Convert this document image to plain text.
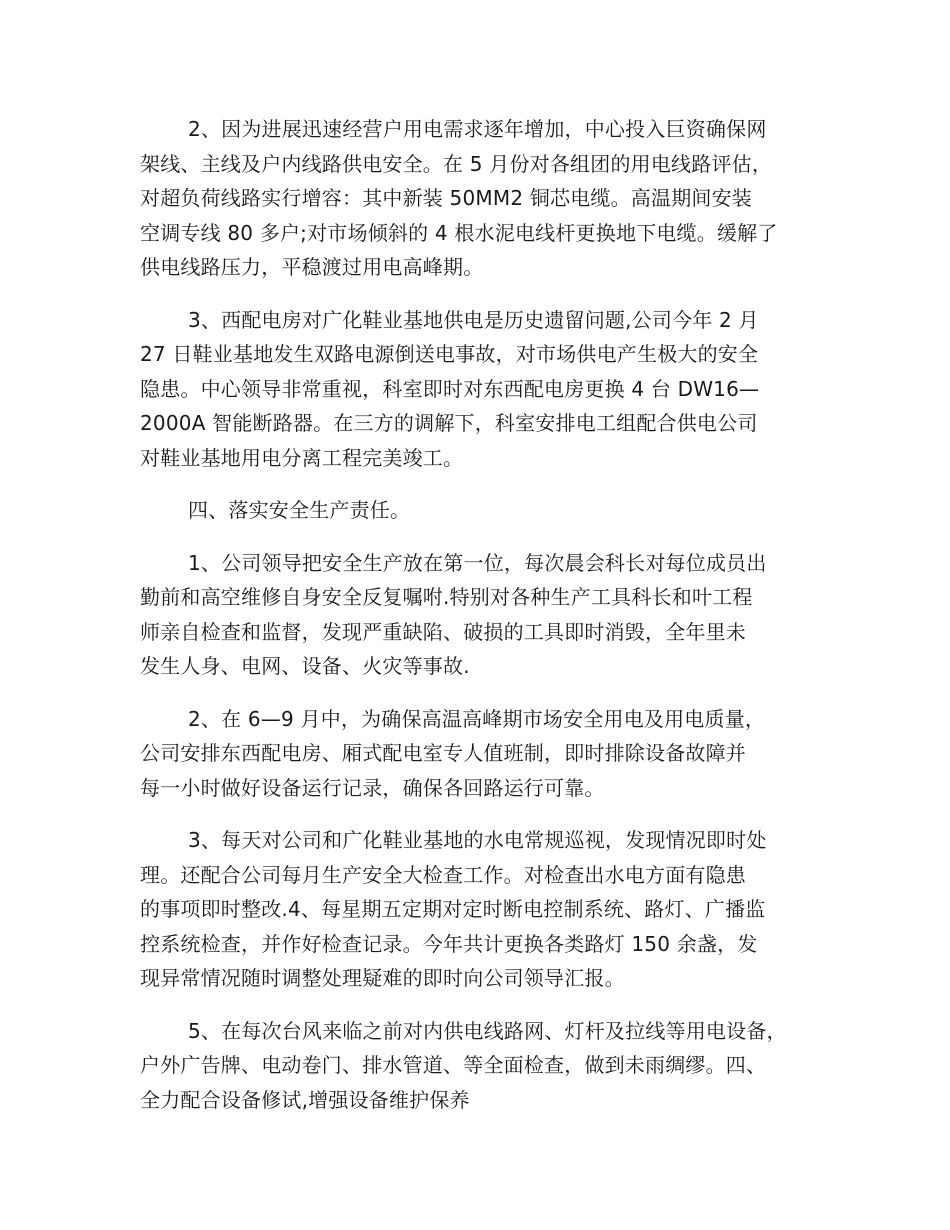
2、因为进展迅速经营户用电需求逐年增加，中心投入巨资确保网
架线、主线及户内线路供电安全。在 5 月份对各组团的用电线路评估，
对超负荷线路实行增容：其中新装 50MM2 铜芯电缆。高温期间安装
空调专线 80 多户;对市场倾斜的 4 根水泥电线杆更换地下电缆。缓解了
供电线路压力，平稳渡过用电高峰期。
3、西配电房对广化鞋业基地供电是历史遗留问题,公司今年 2 月
27 日鞋业基地发生双路电源倒送电事故，对市场供电产生极大的安全
隐患。中心领导非常重视，科室即时对东西配电房更换 4 台 DW16—
2000A 智能断路器。在三方的调解下，科室安排电工组配合供电公司
对鞋业基地用电分离工程完美竣工。
四、落实安全生产责任。
1、公司领导把安全生产放在第一位，每次晨会科长对每位成员出
勤前和高空维修自身安全反复嘱咐.特别对各种生产工具科长和叶工程
师亲自检查和监督，发现严重缺陷、破损的工具即时消毁，全年里未
发生人身、电网、设备、火灾等事故.
2、在 6—9 月中，为确保高温高峰期市场安全用电及用电质量，
公司安排东西配电房、厢式配电室专人值班制，即时排除设备故障并
每一小时做好设备运行记录，确保各回路运行可靠。
3、每天对公司和广化鞋业基地的水电常规巡视，发现情况即时处
理。还配合公司每月生产安全大检查工作。对检查出水电方面有隐患
的事项即时整改.4、每星期五定期对定时断电控制系统、路灯、广播监
控系统检查，并作好检查记录。今年共计更换各类路灯 150 余盏，发
现异常情况随时调整处理疑难的即时向公司领导汇报。
5、在每次台风来临之前对内供电线路网、灯杆及拉线等用电设备，
户外广告牌、电动卷门、排水管道、等全面检查，做到未雨绸缪。四、
全力配合设备修试,增强设备维护保养
